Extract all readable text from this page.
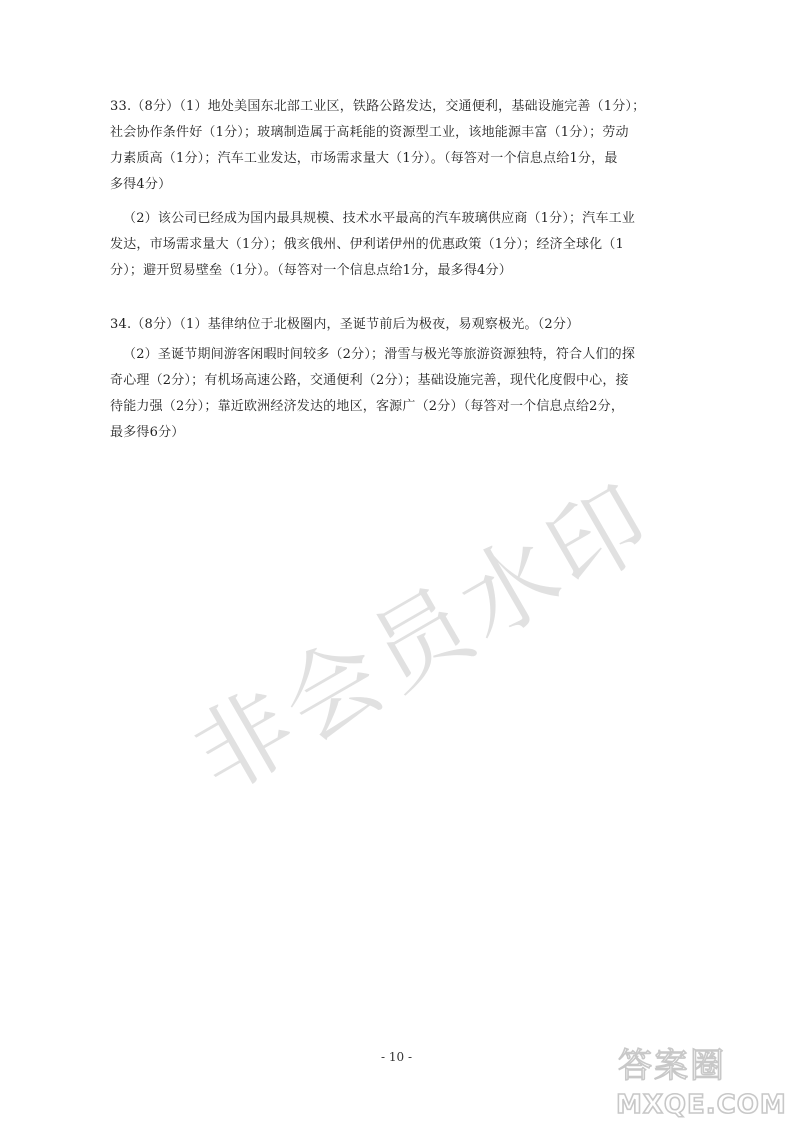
33.（8分）（1）地处美国东北部工业区，铁路公路发达，交通便利，基础设施完善（1分）；
社会协作条件好（1分）；玻璃制造属于高耗能的资源型工业，该地能源丰富（1分）；劳动
力素质高（1分）；汽车工业发达，市场需求量大（1分）。（每答对一个信息点给1分，最
多得4分）
（2）该公司已经成为国内最具规模、技术水平最高的汽车玻璃供应商（1分）；汽车工业
发达，市场需求量大（1分）；俄亥俄州、伊利诺伊州的优惠政策（1分）；经济全球化（1
分）；避开贸易壁垒（1分）。（每答对一个信息点给1分，最多得4分）
34.（8分）（1）基律纳位于北极圈内，圣诞节前后为极夜，易观察极光。（2分）
（2）圣诞节期间游客闲暇时间较多（2分）；滑雪与极光等旅游资源独特，符合人们的探
奇心理（2分）；有机场高速公路，交通便利（2分）；基础设施完善，现代化度假中心，接
待能力强（2分）；靠近欧洲经济发达的地区，客源广（2分）（每答对一个信息点给2分，
最多得6分）
非会员水印
- 10 -	答案圈
MXQE.COM
